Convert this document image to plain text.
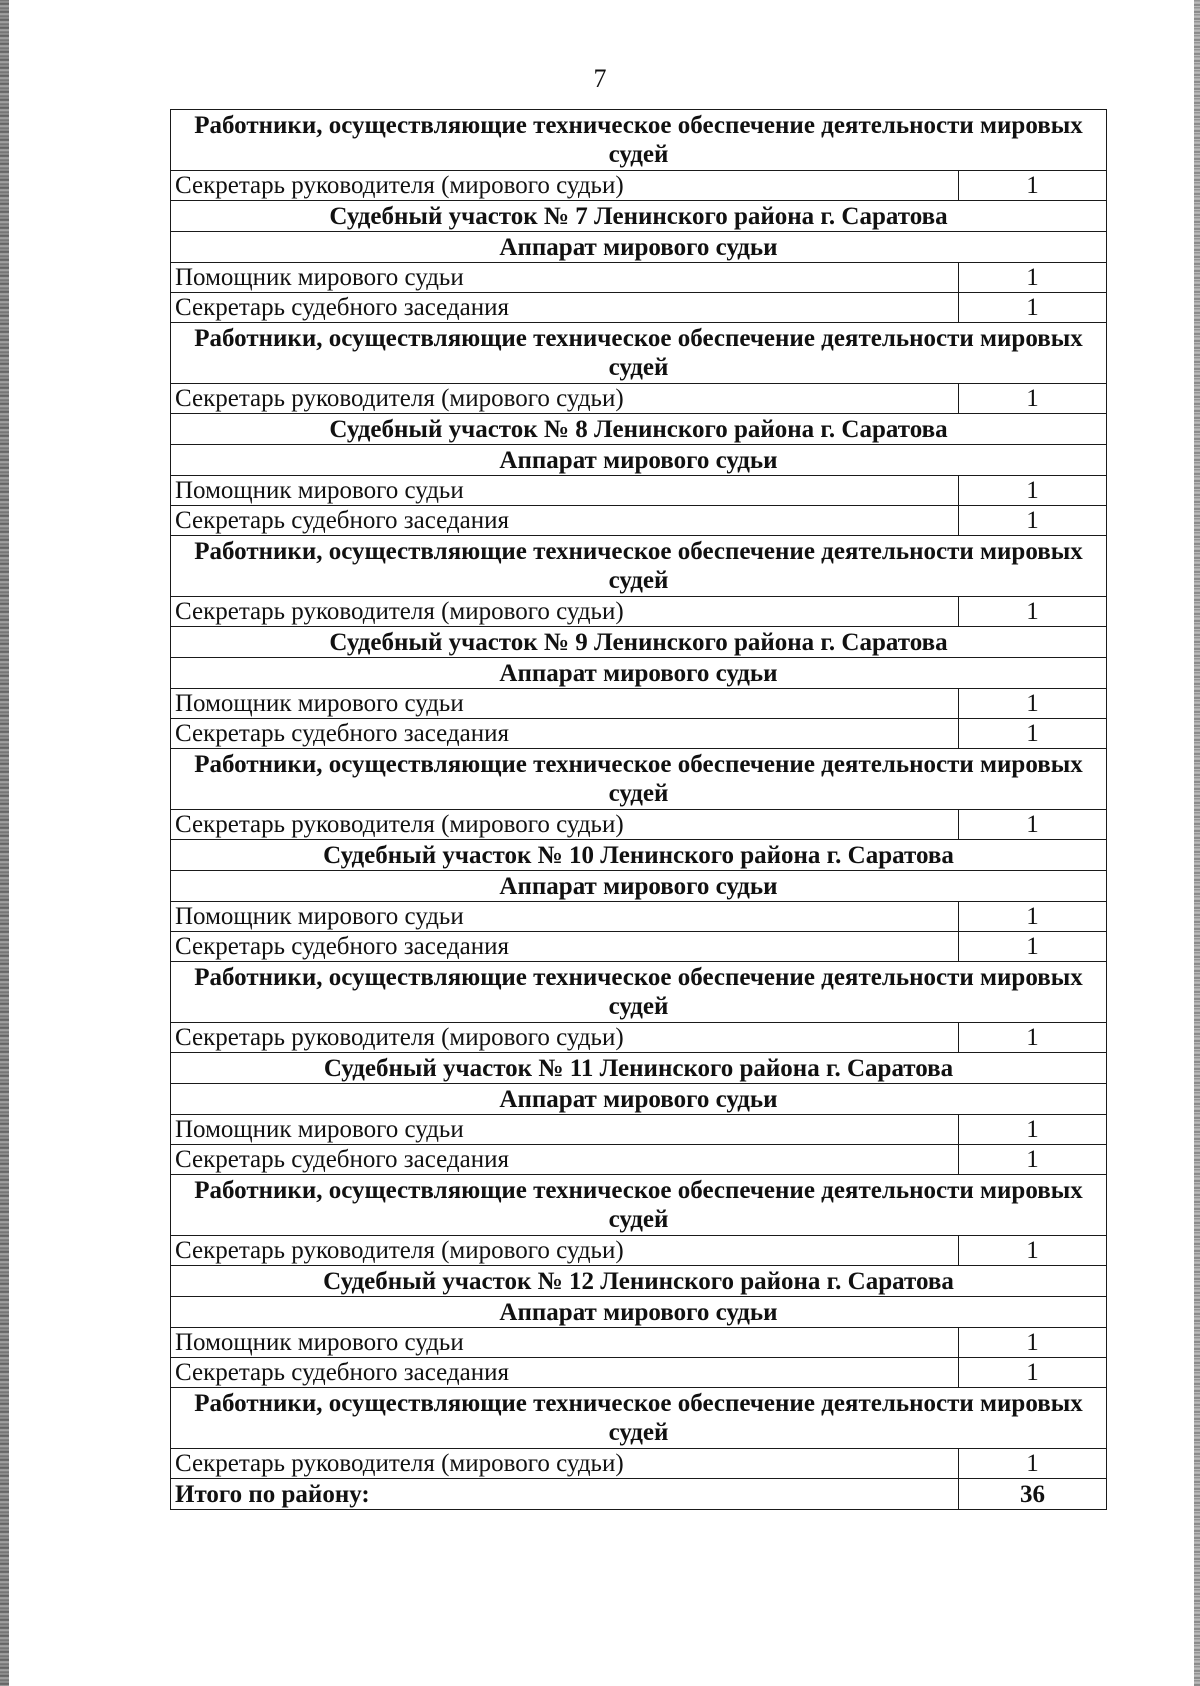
7
Работники, осуществляющие техническое обеспечение деятельности мировых судей	
Секретарь руководителя (мирового судьи)	1
Судебный участок № 7 Ленинского района г. Саратова	
Аппарат мирового судьи	
Помощник мирового судьи	1
Секретарь судебного заседания	1
Работники, осуществляющие техническое обеспечение деятельности мировых судей	
Секретарь руководителя (мирового судьи)	1
Судебный участок № 8 Ленинского района г. Саратова	
Аппарат мирового судьи	
Помощник мирового судьи	1
Секретарь судебного заседания	1
Работники, осуществляющие техническое обеспечение деятельности мировых судей	
Секретарь руководителя (мирового судьи)	1
Судебный участок № 9 Ленинского района г. Саратова	
Аппарат мирового судьи	
Помощник мирового судьи	1
Секретарь судебного заседания	1
Работники, осуществляющие техническое обеспечение деятельности мировых судей	
Секретарь руководителя (мирового судьи)	1
Судебный участок № 10 Ленинского района г. Саратова	
Аппарат мирового судьи	
Помощник мирового судьи	1
Секретарь судебного заседания	1
Работники, осуществляющие техническое обеспечение деятельности мировых судей	
Секретарь руководителя (мирового судьи)	1
Судебный участок № 11 Ленинского района г. Саратова	
Аппарат мирового судьи	
Помощник мирового судьи	1
Секретарь судебного заседания	1
Работники, осуществляющие техническое обеспечение деятельности мировых судей	
Секретарь руководителя (мирового судьи)	1
Судебный участок № 12 Ленинского района г. Саратова	
Аппарат мирового судьи	
Помощник мирового судьи	1
Секретарь судебного заседания	1
Работники, осуществляющие техническое обеспечение деятельности мировых судей	
Секретарь руководителя (мирового судьи)	1
Итого по району:	36
